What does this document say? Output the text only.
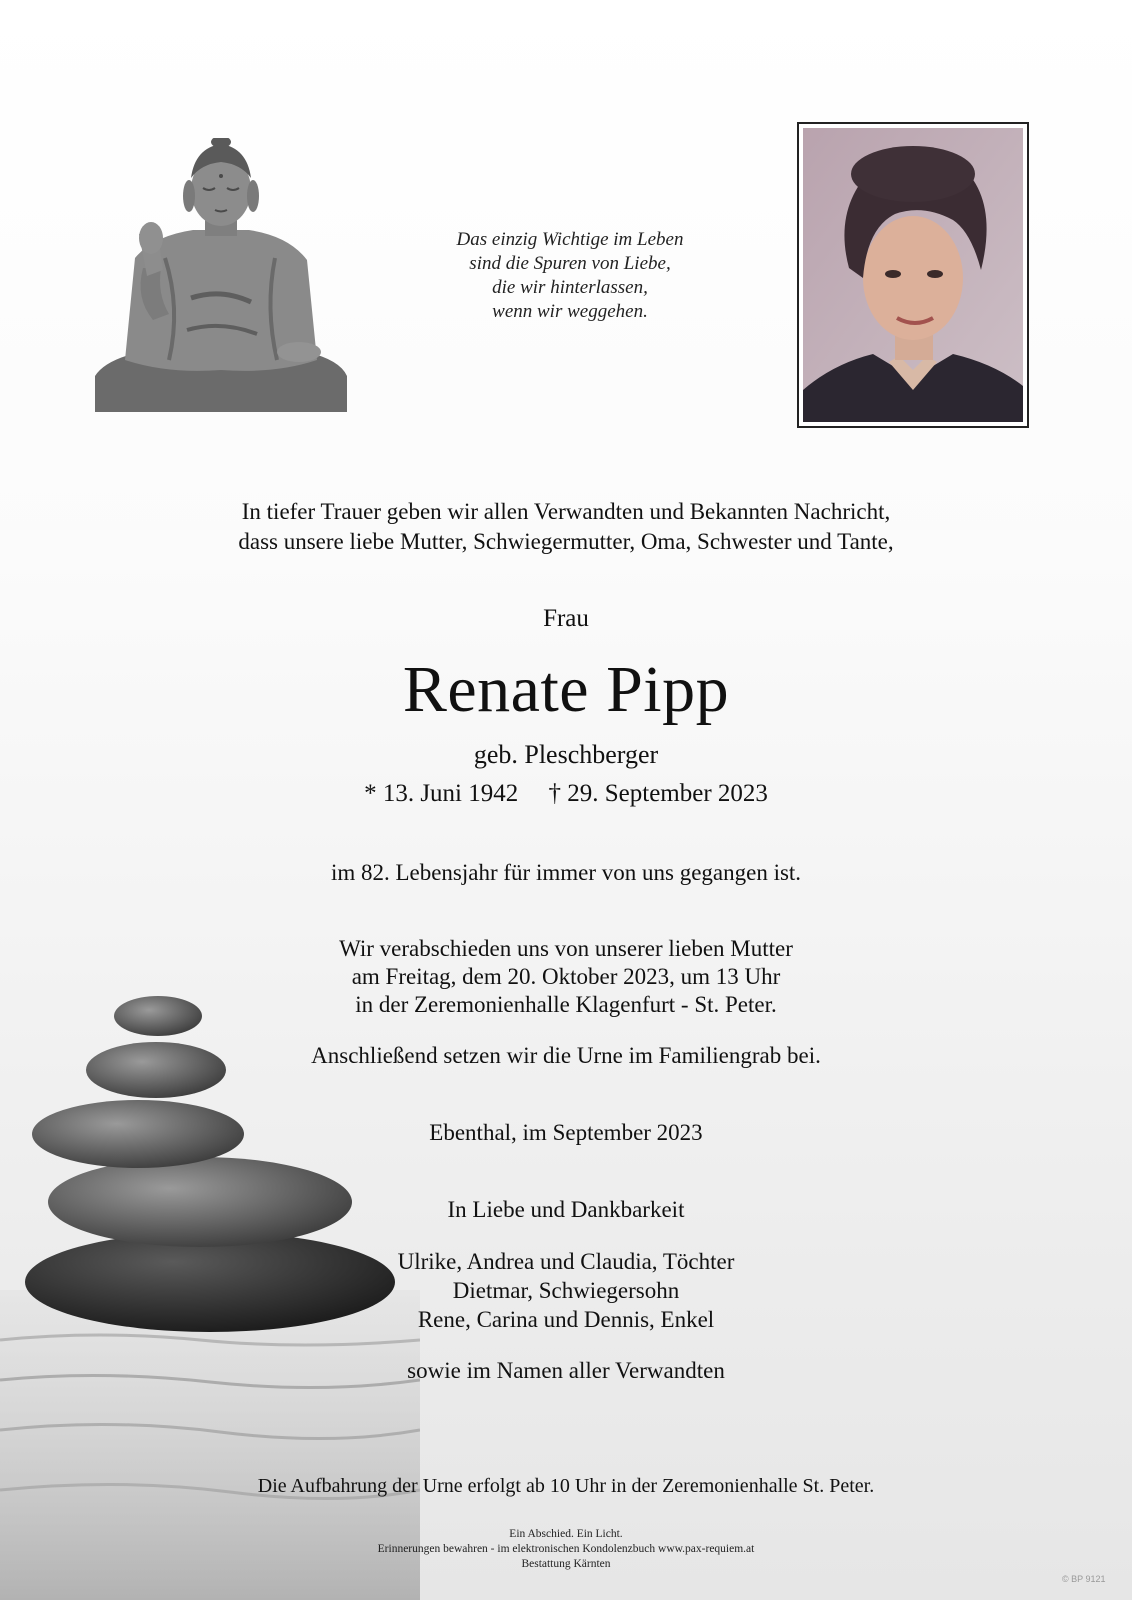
Das einzig Wichtige im Leben
sind die Spuren von Liebe,
die wir hinterlassen,
wenn wir weggehen.
In tiefer Trauer geben wir allen Verwandten und Bekannten Nachricht,
dass unsere liebe Mutter, Schwiegermutter, Oma, Schwester und Tante,
Frau
Renate Pipp
geb. Pleschberger
* 13. Juni 1942 † 29. September 2023
im 82. Lebensjahr für immer von uns gegangen ist.
Wir verabschieden uns von unserer lieben Mutter
am Freitag, dem 20. Oktober 2023, um 13 Uhr
in der Zeremonienhalle Klagenfurt - St. Peter.
Anschließend setzen wir die Urne im Familiengrab bei.
Ebenthal, im September 2023
In Liebe und Dankbarkeit
Ulrike, Andrea und Claudia, Töchter
Dietmar, Schwiegersohn
Rene, Carina und Dennis, Enkel
sowie im Namen aller Verwandten
Die Aufbahrung der Urne erfolgt ab 10 Uhr in der Zeremonienhalle St. Peter.
Ein Abschied. Ein Licht.
Erinnerungen bewahren - im elektronischen Kondolenzbuch www.pax-requiem.at
Bestattung Kärnten
© BP 9121
